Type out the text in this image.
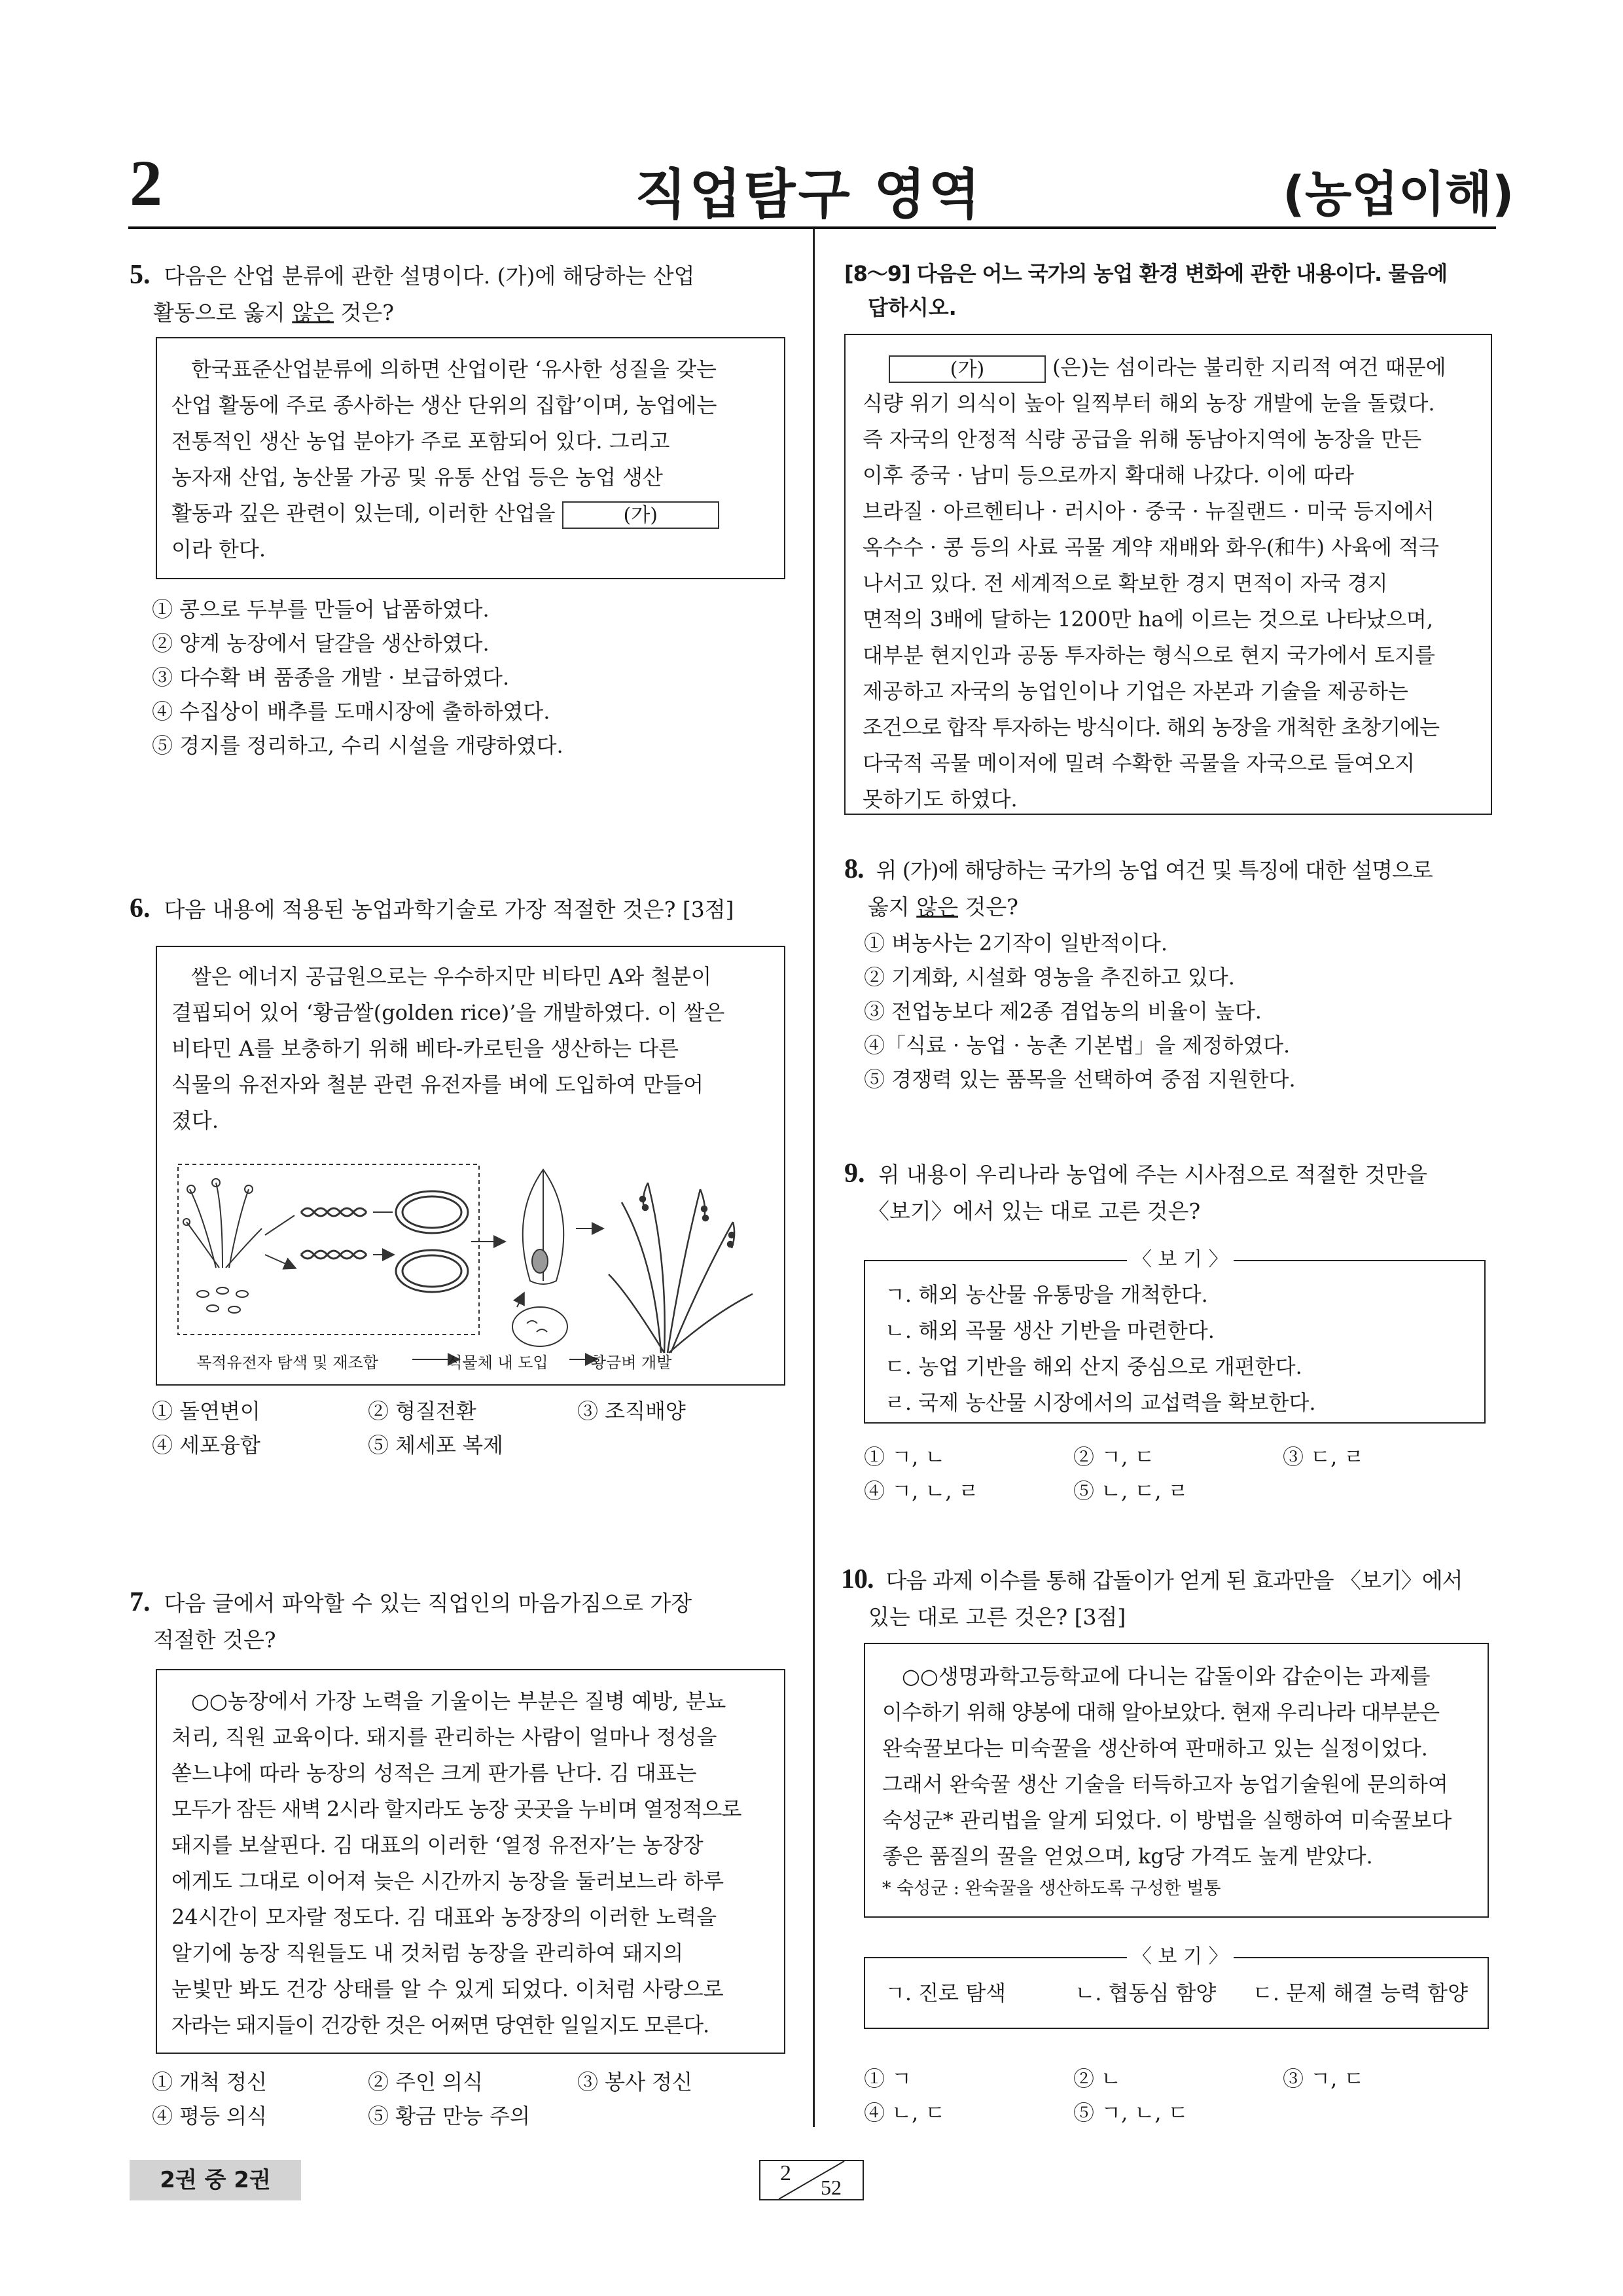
2	직업탐구 영역	(농업이해)
5. 다음은 산업 분류에 관한 설명이다. (가)에 해당하는 산업
활동으로 옳지 않은 것은?
한국표준산업분류에 의하면 산업이란 ‘유사한 성질을 갖는
산업 활동에 주로 종사하는 생산 단위의 집합’이며, 농업에는
전통적인 생산 농업 분야가 주로 포함되어 있다. 그리고
농자재 산업, 농산물 가공 및 유통 산업 등은 농업 생산
활동과 깊은 관련이 있는데, 이러한 산업을	(가)
이라 한다.
① 콩으로 두부를 만들어 납품하였다.
② 양계 농장에서 달걀을 생산하였다.
③ 다수확 벼 품종을 개발 · 보급하였다.
④ 수집상이 배추를 도매시장에 출하하였다.
⑤ 경지를 정리하고, 수리 시설을 개량하였다.
6. 다음 내용에 적용된 농업과학기술로 가장 적절한 것은? [3점]
쌀은 에너지 공급원으로는 우수하지만 비타민 A와 철분이
결핍되어 있어 ‘황금쌀(golden rice)’을 개발하였다. 이 쌀은
비타민 A를 보충하기 위해 베타-카로틴을 생산하는 다른
식물의 유전자와 철분 관련 유전자를 벼에 도입하여 만들어
졌다.
목적유전자 탐색 및 재조합	식물체 내 도입	황금벼 개발
① 돌연변이	② 형질전환	③ 조직배양
④ 세포융합	⑤ 체세포 복제
7. 다음 글에서 파악할 수 있는 직업인의 마음가짐으로 가장
적절한 것은?
○○농장에서 가장 노력을 기울이는 부분은 질병 예방, 분뇨
처리, 직원 교육이다. 돼지를 관리하는 사람이 얼마나 정성을
쏟느냐에 따라 농장의 성적은 크게 판가름 난다. 김 대표는
모두가 잠든 새벽 2시라 할지라도 농장 곳곳을 누비며 열정적으로
돼지를 보살핀다. 김 대표의 이러한 ‘열정 유전자’는 농장장
에게도 그대로 이어져 늦은 시간까지 농장을 둘러보느라 하루
24시간이 모자랄 정도다. 김 대표와 농장장의 이러한 노력을
알기에 농장 직원들도 내 것처럼 농장을 관리하여 돼지의
눈빛만 봐도 건강 상태를 알 수 있게 되었다. 이처럼 사랑으로
자라는 돼지들이 건강한 것은 어쩌면 당연한 일일지도 모른다.
① 개척 정신	② 주인 의식	③ 봉사 정신
④ 평등 의식	⑤ 황금 만능 주의
[8～9] 다음은 어느 국가의 농업 환경 변화에 관한 내용이다. 물음에
답하시오.
(가)	(은)는 섬이라는 불리한 지리적 여건 때문에
식량 위기 의식이 높아 일찍부터 해외 농장 개발에 눈을 돌렸다.
즉 자국의 안정적 식량 공급을 위해 동남아지역에 농장을 만든
이후 중국 · 남미 등으로까지 확대해 나갔다. 이에 따라
브라질 · 아르헨티나 · 러시아 · 중국 · 뉴질랜드 · 미국 등지에서
옥수수 · 콩 등의 사료 곡물 계약 재배와 화우(和牛) 사육에 적극
나서고 있다. 전 세계적으로 확보한 경지 면적이 자국 경지
면적의 3배에 달하는 1200만 ha에 이르는 것으로 나타났으며,
대부분 현지인과 공동 투자하는 형식으로 현지 국가에서 토지를
제공하고 자국의 농업인이나 기업은 자본과 기술을 제공하는
조건으로 합작 투자하는 방식이다. 해외 농장을 개척한 초창기에는
다국적 곡물 메이저에 밀려 수확한 곡물을 자국으로 들여오지
못하기도 하였다.
8. 위 (가)에 해당하는 국가의 농업 여건 및 특징에 대한 설명으로
옳지 않은 것은?
① 벼농사는 2기작이 일반적이다.
② 기계화, 시설화 영농을 추진하고 있다.
③ 전업농보다 제2종 겸업농의 비율이 높다.
④「식료 · 농업 · 농촌 기본법」을 제정하였다.
⑤ 경쟁력 있는 품목을 선택하여 중점 지원한다.
9. 위 내용이 우리나라 농업에 주는 시사점으로 적절한 것만을
〈보기〉에서 있는 대로 고른 것은?
〈 보 기 〉
ㄱ. 해외 농산물 유통망을 개척한다.
ㄴ. 해외 곡물 생산 기반을 마련한다.
ㄷ. 농업 기반을 해외 산지 중심으로 개편한다.
ㄹ. 국제 농산물 시장에서의 교섭력을 확보한다.
① ㄱ, ㄴ	② ㄱ, ㄷ	③ ㄷ, ㄹ
④ ㄱ, ㄴ, ㄹ	⑤ ㄴ, ㄷ, ㄹ
10. 다음 과제 이수를 통해 갑돌이가 얻게 된 효과만을 〈보기〉에서
있는 대로 고른 것은? [3점]
○○생명과학고등학교에 다니는 갑돌이와 갑순이는 과제를
이수하기 위해 양봉에 대해 알아보았다. 현재 우리나라 대부분은
완숙꿀보다는 미숙꿀을 생산하여 판매하고 있는 실정이었다.
그래서 완숙꿀 생산 기술을 터득하고자 농업기술원에 문의하여
숙성군* 관리법을 알게 되었다. 이 방법을 실행하여 미숙꿀보다
좋은 품질의 꿀을 얻었으며, kg당 가격도 높게 받았다.
* 숙성군 : 완숙꿀을 생산하도록 구성한 벌통
〈 보 기 〉
ㄱ. 진로 탐색	ㄴ. 협동심 함양	ㄷ. 문제 해결 능력 함양
① ㄱ	② ㄴ	③ ㄱ, ㄷ
④ ㄴ, ㄷ	⑤ ㄱ, ㄴ, ㄷ
2권 중 2권	2
52
